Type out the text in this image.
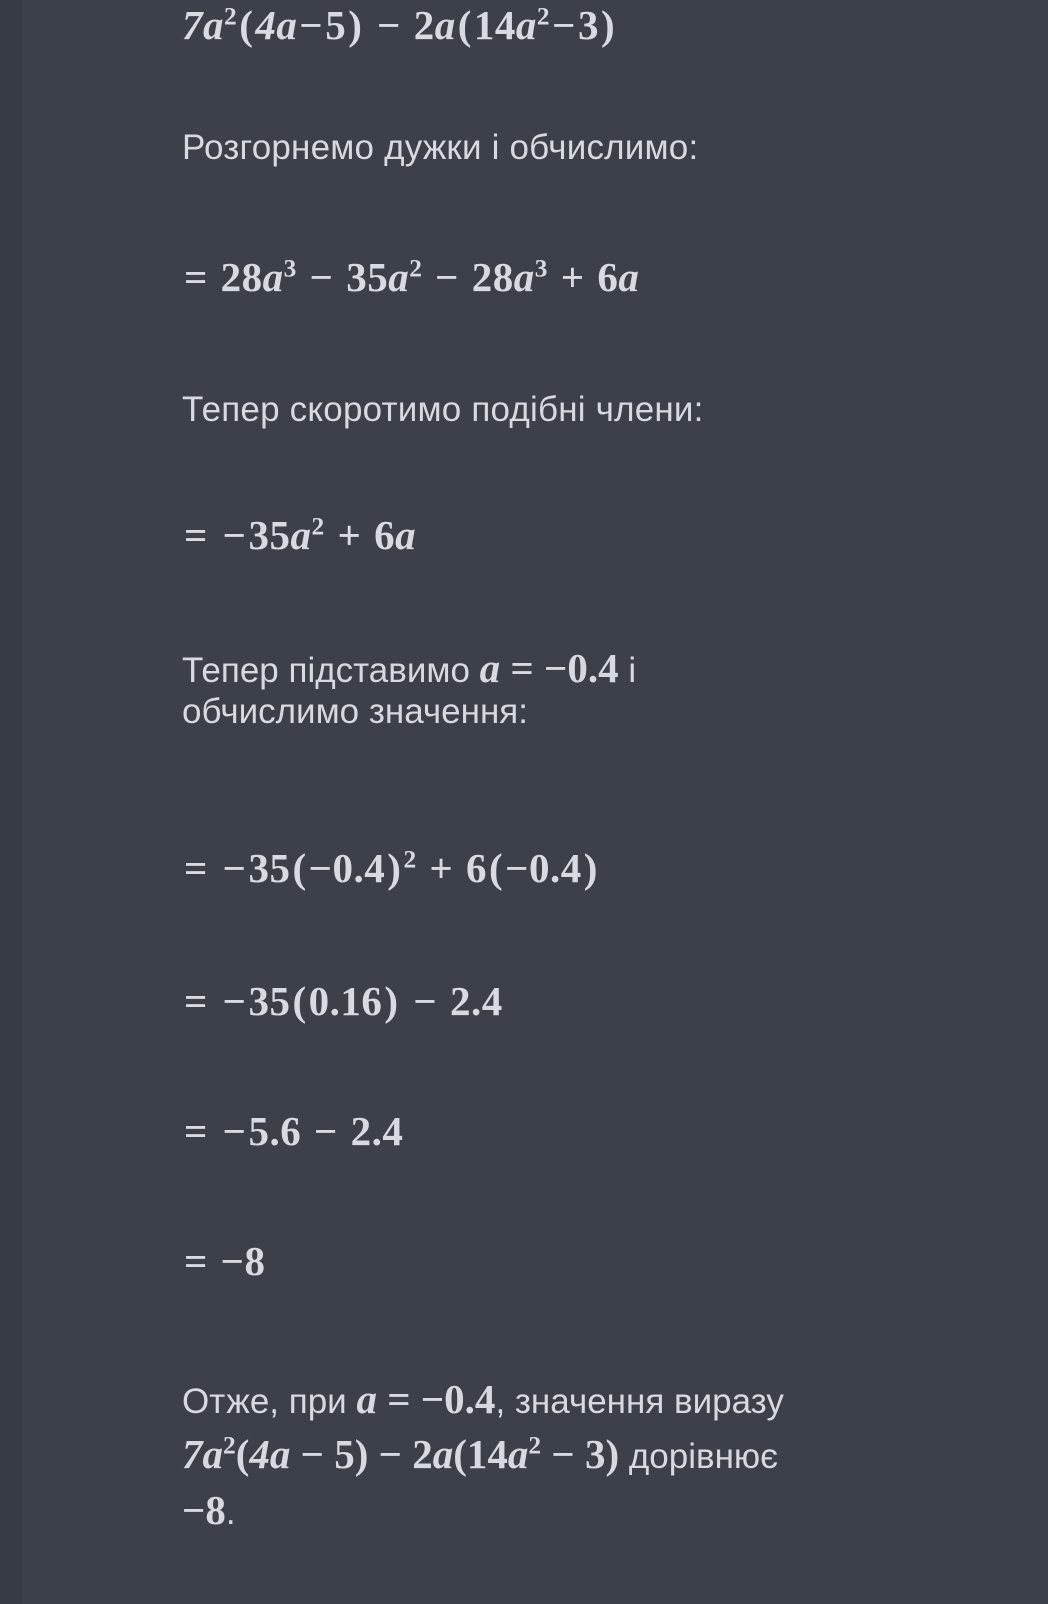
$7a^2(4a-5) - 2a(14a^2-3)$
Розгорнемо дужки і обчислимо:
= $28a^3 - 35a^2 - 28a^3 + 6a$
Тепер скоротимо подібні члени:
= $-35a^2 + 6a$
Тепер підставимо a = −0.4 і
обчислимо значення:
= $-35(-0.4)^2 + 6(-0.4)$
= −35(0.16) − 2.4
= −5.6 − 2.4
= −8
Отже, при a = −0.4, значення виразу
$7a^2(4a - 5) - 2a(14a^2 - 3)$ дорівнює
−8.
